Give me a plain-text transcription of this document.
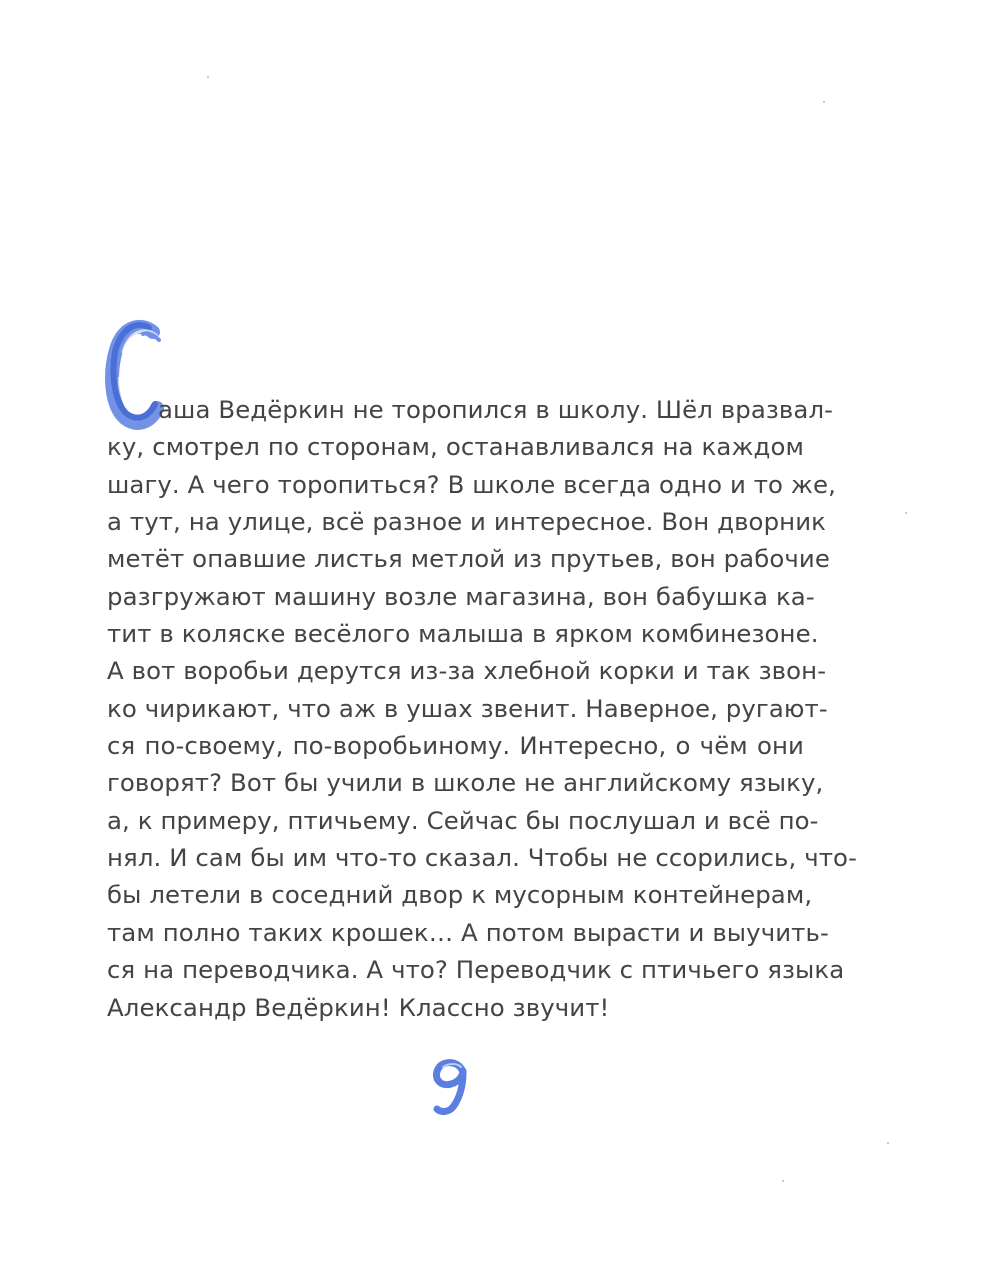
аша Ведёркин не торопился в школу. Шёл вразвал-
ку, смотрел по сторонам, останавливался на каждом
шагу. А чего торопиться? В школе всегда одно и то же,
а тут, на улице, всё разное и интересное. Вон дворник
метёт опавшие листья метлой из прутьев, вон рабочие
разгружают машину возле магазина, вон бабушка ка-
тит в коляске весёлого малыша в ярком комбинезоне.
А вот воробьи дерутся из-за хлебной корки и так звон-
ко чирикают, что аж в ушах звенит. Наверное, ругают-
ся по-своему, по-воробьиному. Интересно, о чём они
говорят? Вот бы учили в школе не английскому языку,
а, к примеру, птичьему. Сейчас бы послушал и всё по-
нял. И сам бы им что-то сказал. Чтобы не ссорились, что-
бы летели в соседний двор к мусорным контейнерам,
там полно таких крошек… А потом вырасти и выучить-
ся на переводчика. А что? Переводчик с птичьего языка
Александр Ведёркин! Классно звучит!
